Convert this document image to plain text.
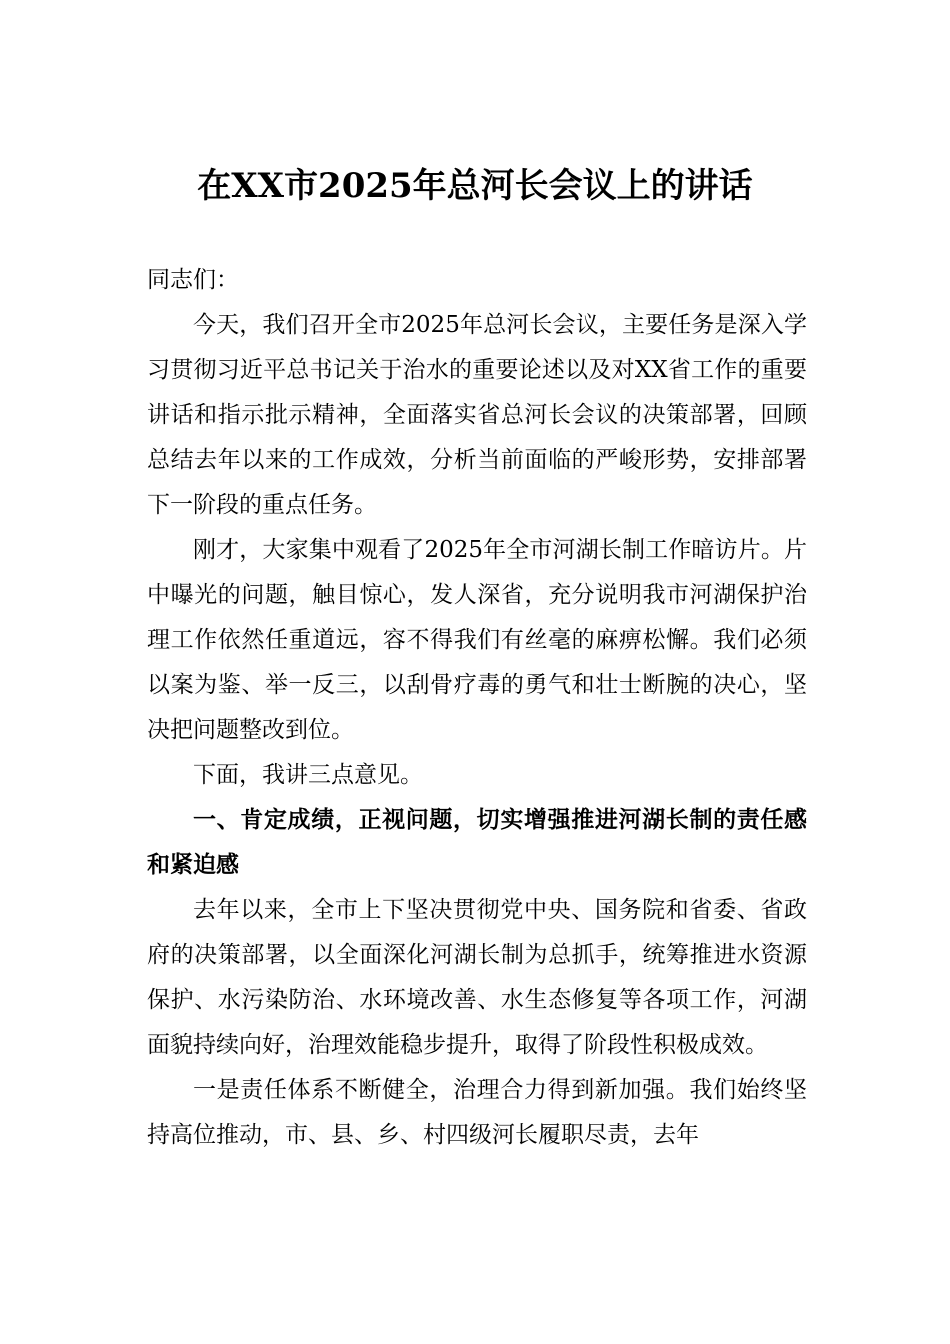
在XX市2025年总河长会议上的讲话

同志们：

今天，我们召开全市2025年总河长会议，主要任务是深入学习贯彻习近平总书记关于治水的重要论述以及对XX省工作的重要讲话和指示批示精神，全面落实省总河长会议的决策部署，回顾总结去年以来的工作成效，分析当前面临的严峻形势，安排部署下一阶段的重点任务。

刚才，大家集中观看了2025年全市河湖长制工作暗访片。片中曝光的问题，触目惊心，发人深省，充分说明我市河湖保护治理工作依然任重道远，容不得我们有丝毫的麻痹松懈。我们必须以案为鉴、举一反三，以刮骨疗毒的勇气和壮士断腕的决心，坚决把问题整改到位。

下面，我讲三点意见。

一、肯定成绩，正视问题，切实增强推进河湖长制的责任感和紧迫感

去年以来，全市上下坚决贯彻党中央、国务院和省委、省政府的决策部署，以全面深化河湖长制为总抓手，统筹推进水资源保护、水污染防治、水环境改善、水生态修复等各项工作，河湖面貌持续向好，治理效能稳步提升，取得了阶段性积极成效。

一是责任体系不断健全，治理合力得到新加强。我们始终坚持高位推动，市、县、乡、村四级河长履职尽责，去年
